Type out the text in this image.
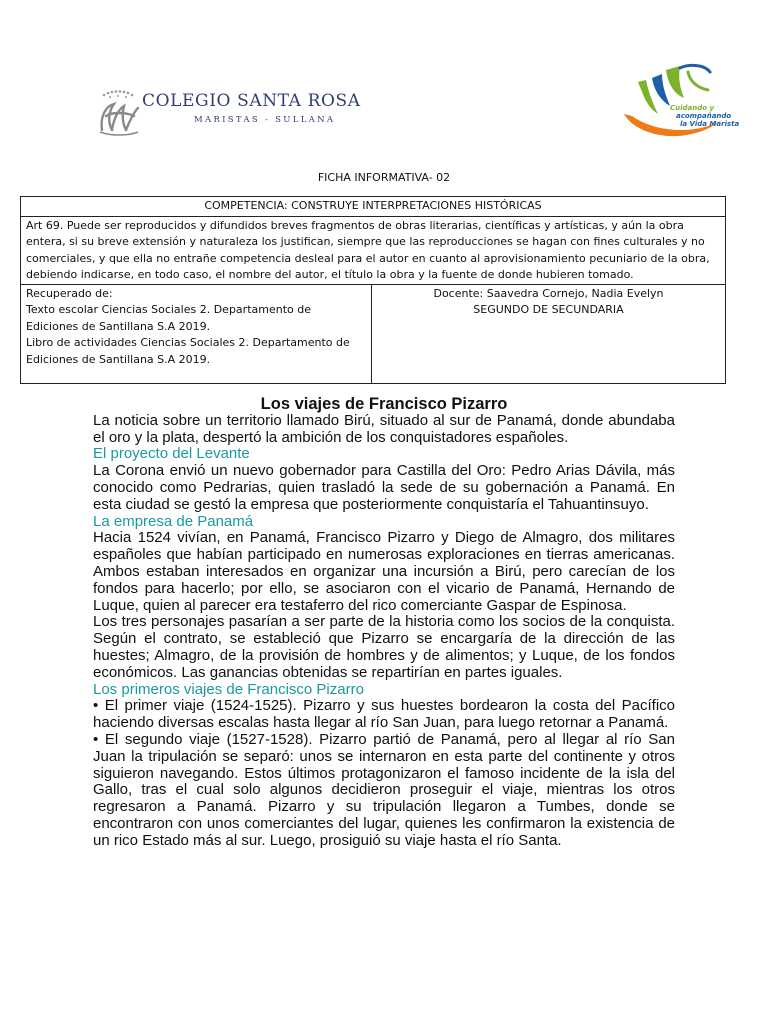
COLEGIO SANTA ROSA
MARISTAS - SULLANA
Cuidando y
acompañando
la Vida Marista
FICHA INFORMATIVA- 02
COMPETENCIA: CONSTRUYE INTERPRETACIONES HISTÓRICAS
Art 69. Puede ser reproducidos y difundidos breves fragmentos de obras literarias, científicas y artísticas, y aún la obra entera, si su breve extensión y naturaleza los justifican, siempre que las reproducciones se hagan con fines culturales y no comerciales, y que ella no entrañe competencia desleal para el autor en cuanto al aprovisionamiento pecuniario de la obra, debiendo indicarse, en todo caso, el nombre del autor, el título la obra y la fuente de donde hubieren tomado.

Recuperado de:
Texto escolar Ciencias Sociales 2. Departamento de Ediciones de Santillana S.A 2019.
Libro de actividades Ciencias Sociales 2. Departamento de Ediciones de Santillana S.A 2019.

Docente: Saavedra Cornejo, Nadia Evelyn
SEGUNDO DE SECUNDARIA
Los viajes de Francisco Pizarro

La noticia sobre un territorio llamado Birú, situado al sur de Panamá, donde abundaba el oro y la plata, despertó la ambición de los conquistadores españoles.

El proyecto del Levante

La Corona envió un nuevo gobernador para Castilla del Oro: Pedro Arias Dávila, más conocido como Pedrarias, quien trasladó la sede de su gobernación a Panamá. En esta ciudad se gestó la empresa que posteriormente conquistaría el Tahuantinsuyo.

La empresa de Panamá

Hacia 1524 vivían, en Panamá, Francisco Pizarro y Diego de Almagro, dos militares españoles que habían participado en numerosas exploraciones en tierras americanas. Ambos estaban interesados en organizar una incursión a Birú, pero carecían de los fondos para hacerlo; por ello, se asociaron con el vicario de Panamá, Hernando de Luque, quien al parecer era testaferro del rico comerciante Gaspar de Espinosa.

Los tres personajes pasarían a ser parte de la historia como los socios de la conquista. Según el contrato, se estableció que Pizarro se encargaría de la dirección de las huestes; Almagro, de la provisión de hombres y de alimentos; y Luque, de los fondos económicos. Las ganancias obtenidas se repartirían en partes iguales.

Los primeros viajes de Francisco Pizarro

• El primer viaje (1524-1525). Pizarro y sus huestes bordearon la costa del Pacífico haciendo diversas escalas hasta llegar al río San Juan, para luego retornar a Panamá.

• El segundo viaje (1527-1528). Pizarro partió de Panamá, pero al llegar al río San Juan la tripulación se separó: unos se internaron en esta parte del continente y otros siguieron navegando. Estos últimos protagonizaron el famoso incidente de la isla del Gallo, tras el cual solo algunos decidieron proseguir el viaje, mientras los otros regresaron a Panamá. Pizarro y su tripulación llegaron a Tumbes, donde se encontraron con unos comerciantes del lugar, quienes les confirmaron la existencia de un rico Estado más al sur. Luego, prosiguió su viaje hasta el río Santa.
